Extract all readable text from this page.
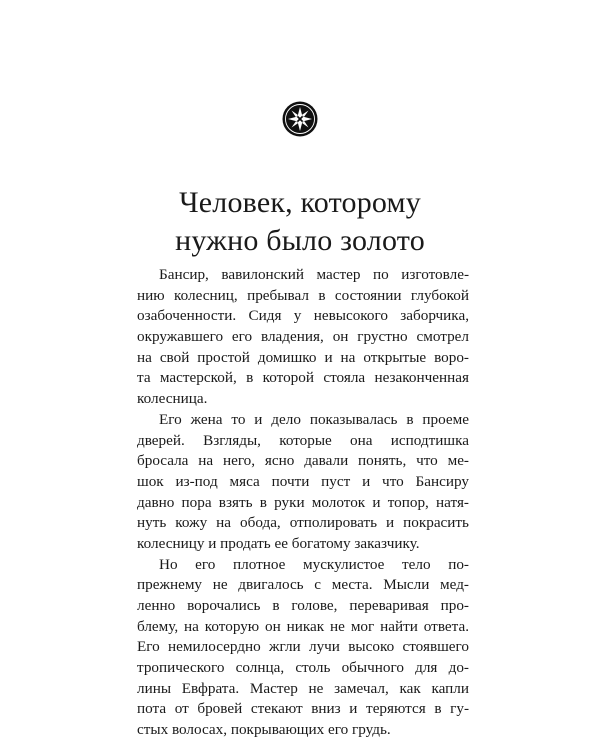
Человек, которому
нужно было золото

Бансир, вавилонский мастер по изготовле-
нию колесниц, пребывал в состоянии глубокой
озабоченности. Сидя у невысокого заборчика,
окружавшего его владения, он грустно смотрел
на свой простой домишко и на открытые воро-
та мастерской, в которой стояла незаконченная
колесница.

Его жена то и дело показывалась в проеме
дверей. Взгляды, которые она исподтишка
бросала на него, ясно давали понять, что ме-
шок из-под мяса почти пуст и что Бансиру
давно пора взять в руки молоток и топор, натя-
нуть кожу на обода, отполировать и покрасить
колесницу и продать ее богатому заказчику.

Но его плотное мускулистое тело по-
прежнему не двигалось с места. Мысли мед-
ленно ворочались в голове, переваривая про-
блему, на которую он никак не мог найти ответа.
Его немилосердно жгли лучи высоко стоявшего
тропического солнца, столь обычного для до-
лины Евфрата. Мастер не замечал, как капли
пота от бровей стекают вниз и теряются в гу-
стых волосах, покрывающих его грудь.
